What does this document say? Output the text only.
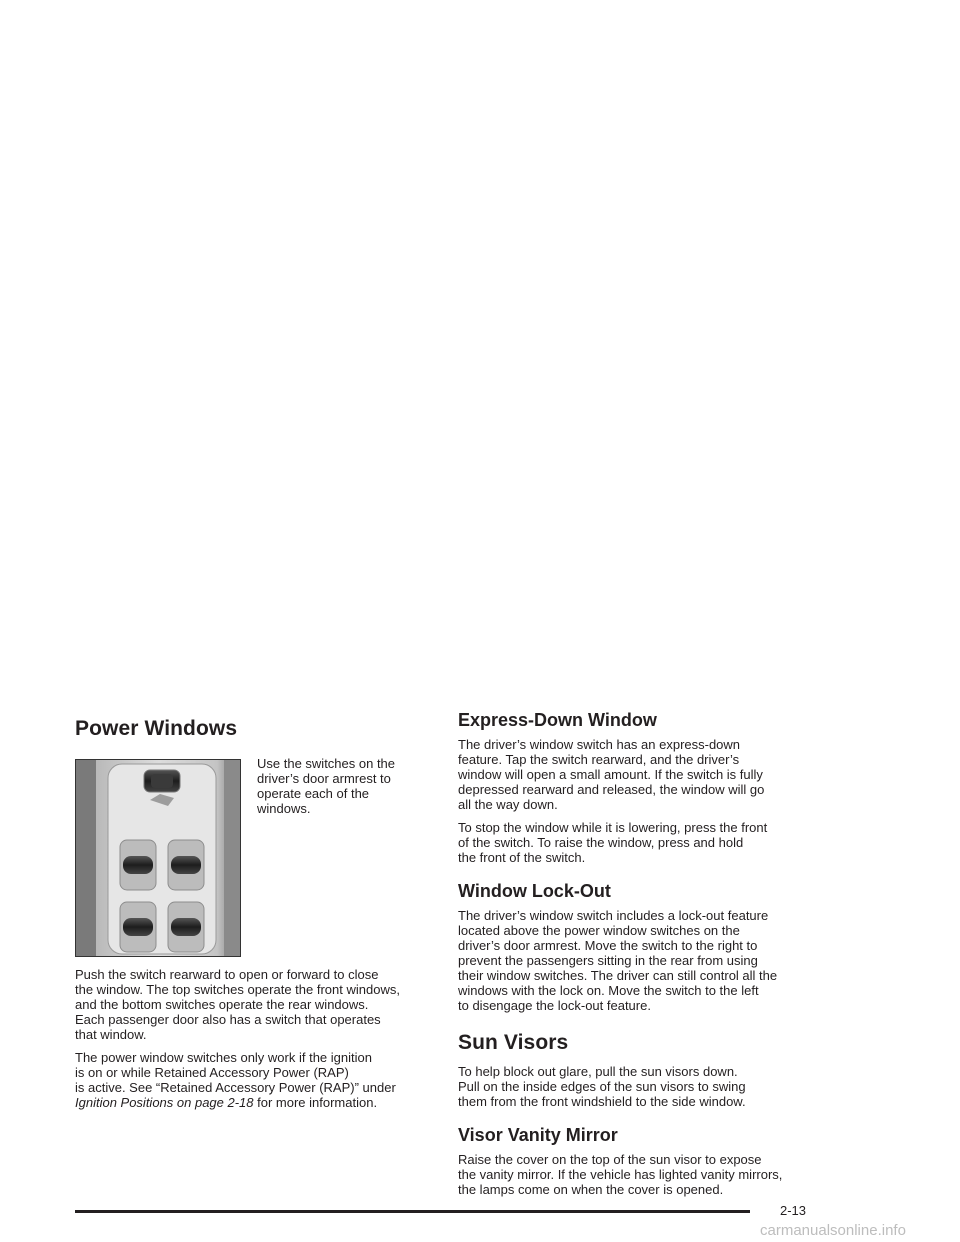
Power Windows

Use the switches on the
driver’s door armrest to
operate each of the
windows.

Push the switch rearward to open or forward to close
the window. The top switches operate the front windows,
and the bottom switches operate the rear windows.
Each passenger door also has a switch that operates
that window.

The power window switches only work if the ignition
is on or while Retained Accessory Power (RAP)
is active. See “Retained Accessory Power (RAP)” under
Ignition Positions on page 2-18 for more information.

Express-Down Window

The driver’s window switch has an express-down
feature. Tap the switch rearward, and the driver’s
window will open a small amount. If the switch is fully
depressed rearward and released, the window will go
all the way down.

To stop the window while it is lowering, press the front
of the switch. To raise the window, press and hold
the front of the switch.

Window Lock-Out

The driver’s window switch includes a lock-out feature
located above the power window switches on the
driver’s door armrest. Move the switch to the right to
prevent the passengers sitting in the rear from using
their window switches. The driver can still control all the
windows with the lock on. Move the switch to the left
to disengage the lock-out feature.

Sun Visors

To help block out glare, pull the sun visors down.
Pull on the inside edges of the sun visors to swing
them from the front windshield to the side window.

Visor Vanity Mirror

Raise the cover on the top of the sun visor to expose
the vanity mirror. If the vehicle has lighted vanity mirrors,
the lamps come on when the cover is opened.

2-13
carmanualsonline.info
